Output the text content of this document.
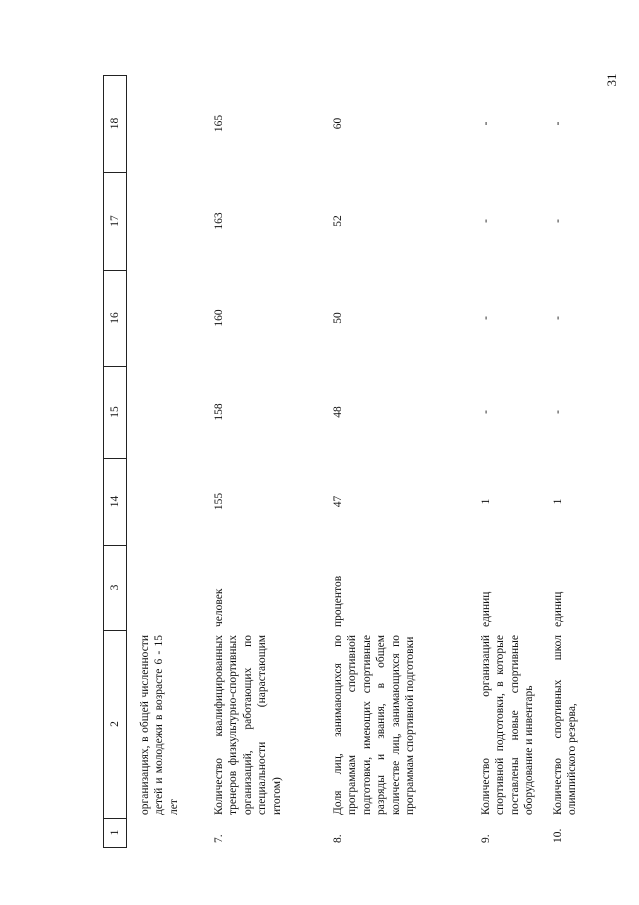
31
1
2
3
14
15
16
17
18
организациях, в общей численности детей и молодежи в возрасте 6 - 15 лет
7.
Количество квалифицированных тренеров физкультурно-спортивных организаций, работающих по специальности (нарастающим итогом)
человек
155
158
160
163
165
8.
Доля лиц, занимающихся по программам спортивной подготовки, имеющих спортивные разряды и звания, в общем количестве лиц, занимающихся по программам спортивной подготовки
процентов
47
48
50
52
60
9.
Количество организаций спортивной подготовки, в которые поставлены новые спортивные оборудование и инвентарь
единиц
1
-
-
-
-
10.
Количество спортивных школ олимпийского резерва,
единиц
1
-
-
-
-
